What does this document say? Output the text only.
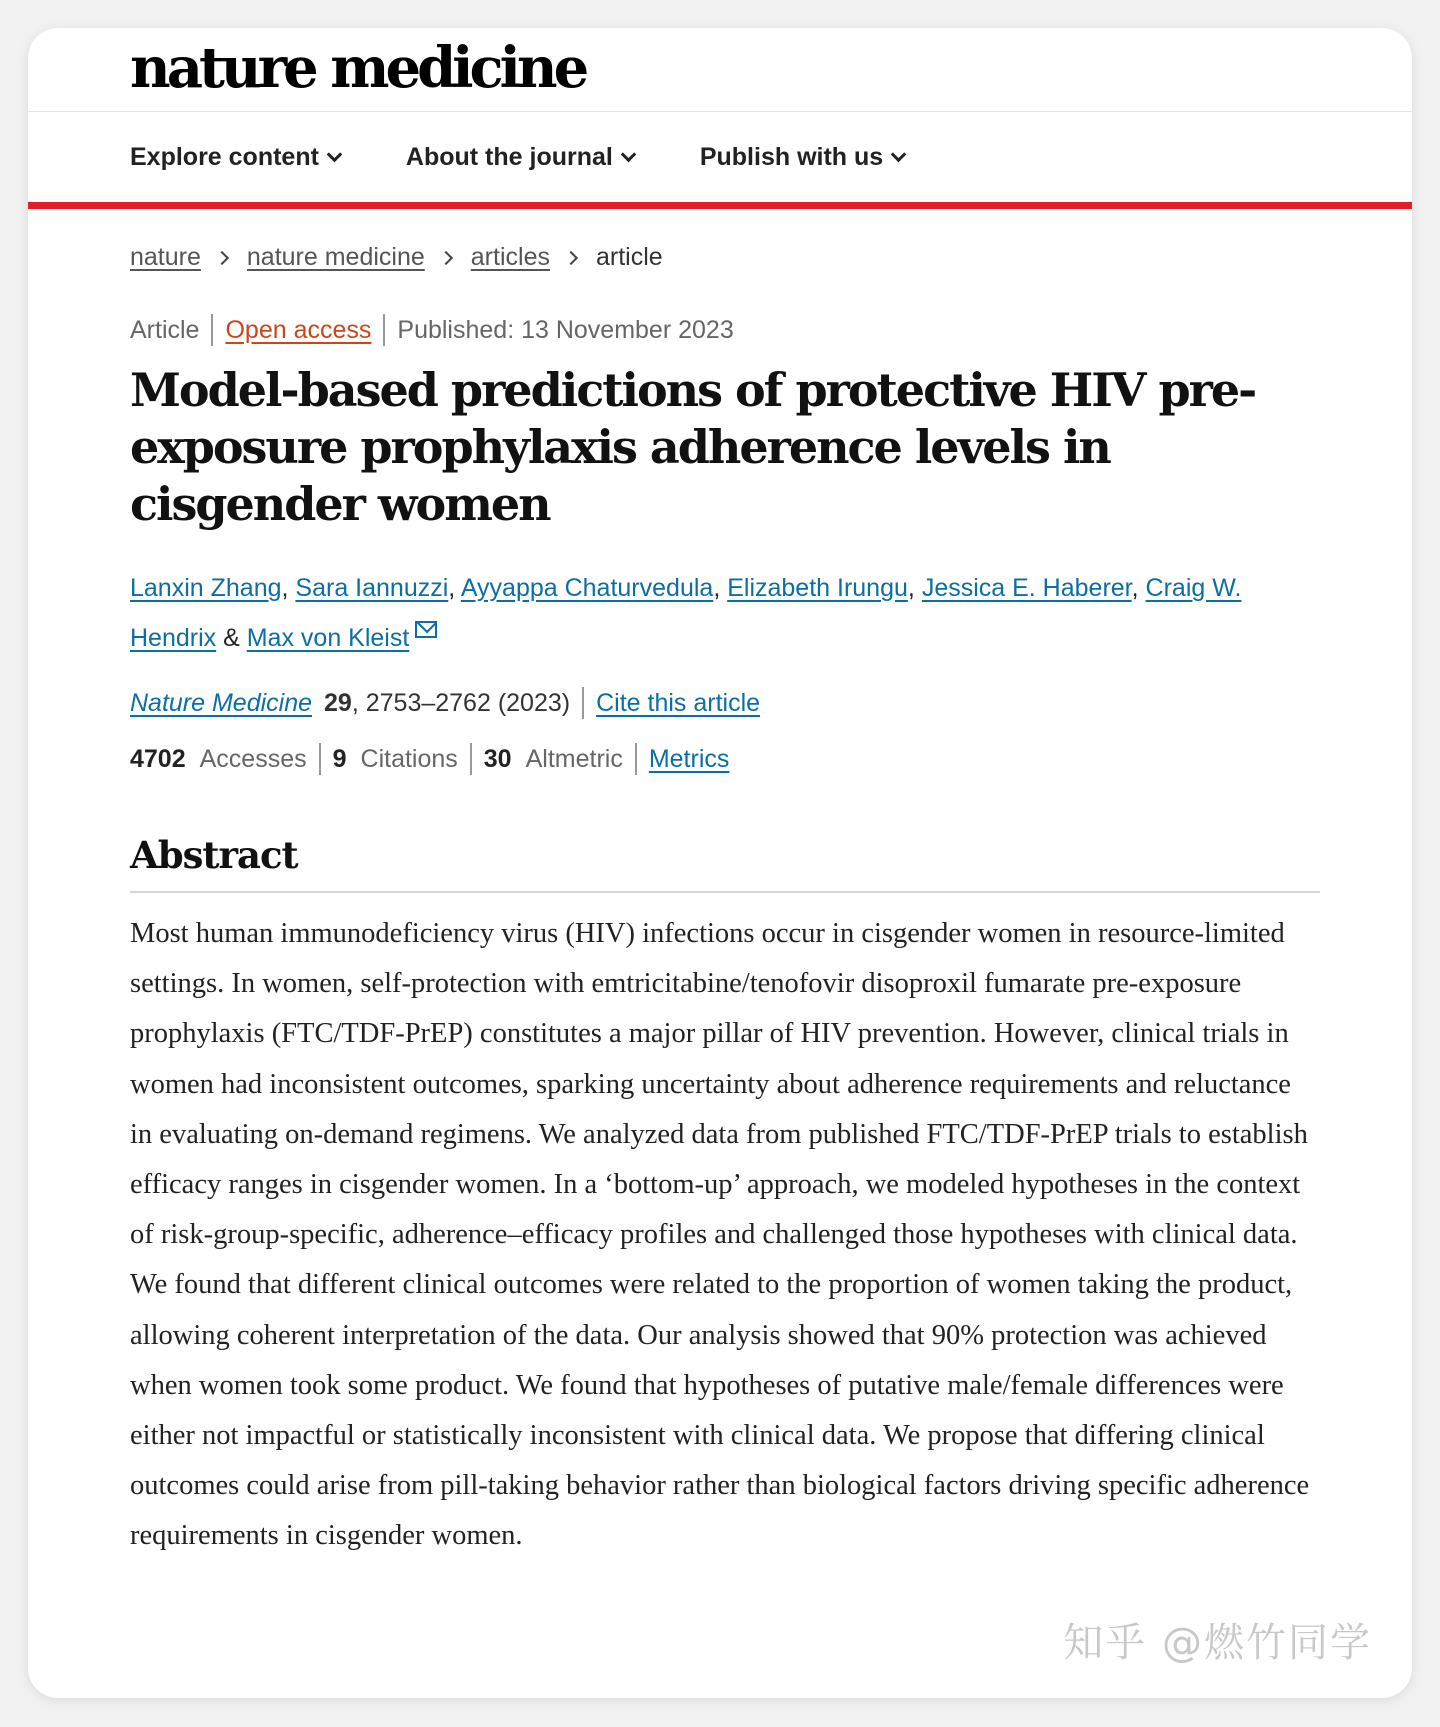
nature medicine
Explore content	About the journal	Publish with us
nature nature medicine articles article
Article Open access Published: 13 November 2023
Model-based predictions of protective HIV pre-exposure prophylaxis adherence levels in cisgender women
Lanxin Zhang, Sara Iannuzzi, Ayyappa Chaturvedula, Elizabeth Irungu, Jessica E. Haberer, Craig W. Hendrix & Max von Kleist
Nature Medicine 29 , 2753–2762 (2023) Cite this article
4702 Accesses 9 Citations 30 Altmetric Metrics
Abstract

Most human immunodeficiency virus (HIV) infections occur in cisgender women in resource-limited settings. In women, self-protection with emtricitabine/tenofovir disoproxil fumarate pre-exposure prophylaxis (FTC/TDF-PrEP) constitutes a major pillar of HIV prevention. However, clinical trials in women had inconsistent outcomes, sparking uncertainty about adherence requirements and reluctance in evaluating on-demand regimens. We analyzed data from published FTC/TDF-PrEP trials to establish efficacy ranges in cisgender women. In a ‘bottom-up’ approach, we modeled hypotheses in the context of risk-group-specific, adherence–efficacy profiles and challenged those hypotheses with clinical data. We found that different clinical outcomes were related to the proportion of women taking the product, allowing coherent interpretation of the data. Our analysis showed that 90% protection was achieved when women took some product. We found that hypotheses of putative male/female differences were either not impactful or statistically inconsistent with clinical data. We propose that differing clinical outcomes could arise from pill-taking behavior rather than biological factors driving specific adherence requirements in cisgender women.

知乎 @燃竹同学
